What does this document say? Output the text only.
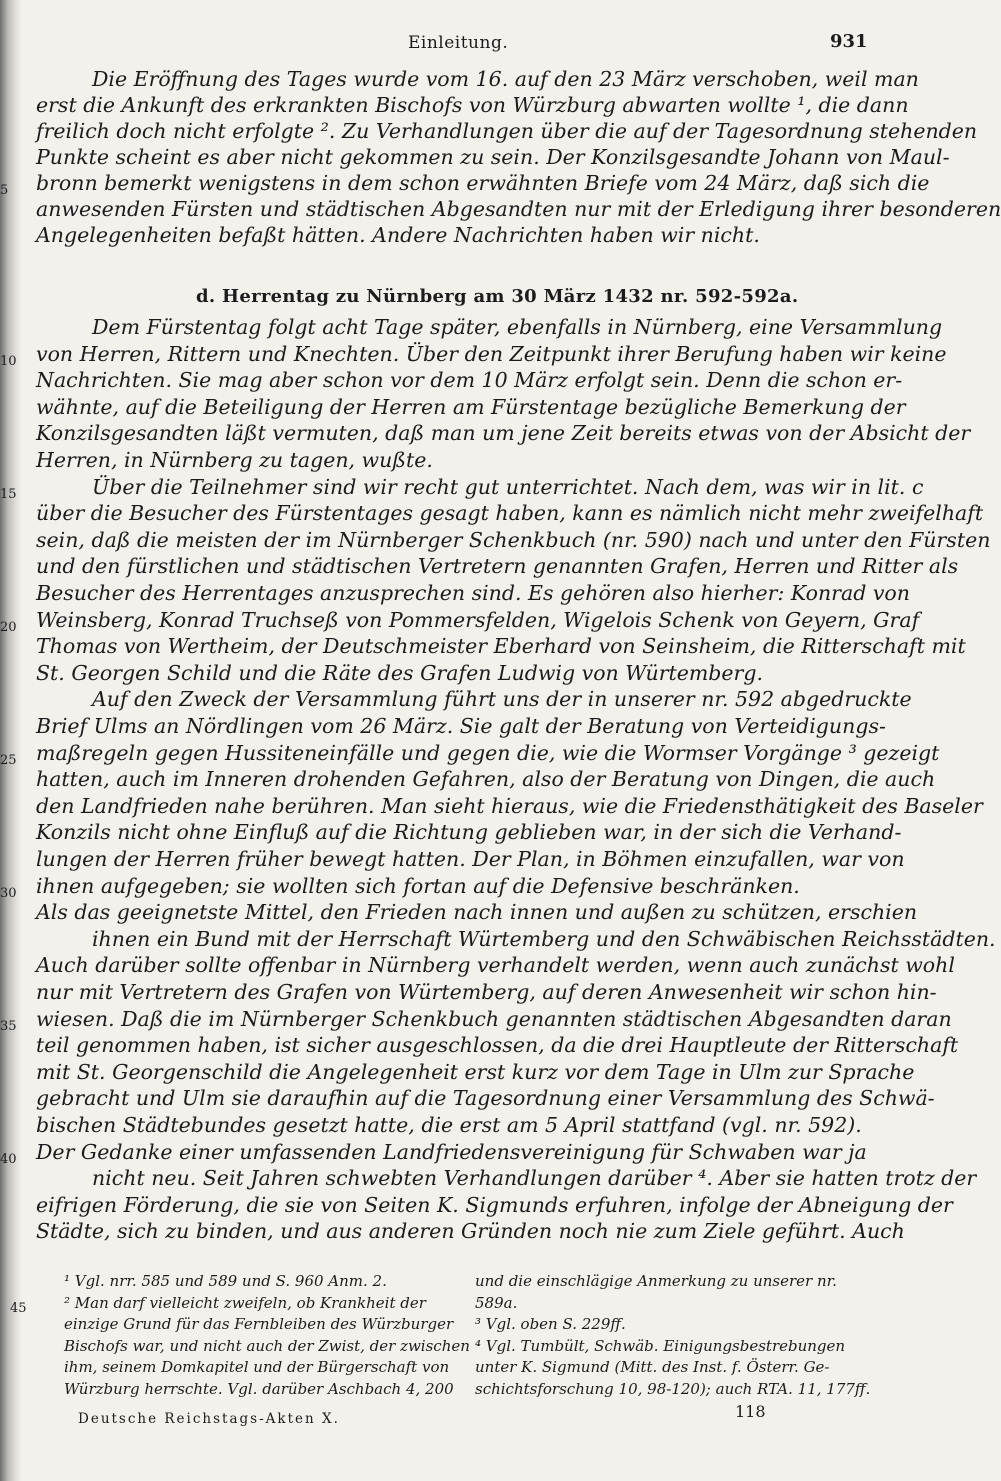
Einleitung.	931
Die Eröffnung des Tages wurde vom 16. auf den 23 März verschoben, weil man
erst die Ankunft des erkrankten Bischofs von Würzburg abwarten wollte ¹, die dann
freilich doch nicht erfolgte ². Zu Verhandlungen über die auf der Tagesordnung stehenden
Punkte scheint es aber nicht gekommen zu sein. Der Konzilsgesandte Johann von Maul-
bronn bemerkt wenigstens in dem schon erwähnten Briefe vom 24 März, daß sich die
anwesenden Fürsten und städtischen Abgesandten nur mit der Erledigung ihrer besonderen
Angelegenheiten befaßt hätten. Andere Nachrichten haben wir nicht.
d. Herrentag zu Nürnberg am 30 März 1432 nr. 592-592a.
Dem Fürstentag folgt acht Tage später, ebenfalls in Nürnberg, eine Versammlung
von Herren, Rittern und Knechten. Über den Zeitpunkt ihrer Berufung haben wir keine
Nachrichten. Sie mag aber schon vor dem 10 März erfolgt sein. Denn die schon er-
wähnte, auf die Beteiligung der Herren am Fürstentage bezügliche Bemerkung der
Konzilsgesandten läßt vermuten, daß man um jene Zeit bereits etwas von der Absicht der
Herren, in Nürnberg zu tagen, wußte.
Über die Teilnehmer sind wir recht gut unterrichtet. Nach dem, was wir in lit. c
über die Besucher des Fürstentages gesagt haben, kann es nämlich nicht mehr zweifelhaft
sein, daß die meisten der im Nürnberger Schenkbuch (nr. 590) nach und unter den Fürsten
und den fürstlichen und städtischen Vertretern genannten Grafen, Herren und Ritter als
Besucher des Herrentages anzusprechen sind. Es gehören also hierher: Konrad von
Weinsberg, Konrad Truchseß von Pommersfelden, Wigelois Schenk von Geyern, Graf
Thomas von Wertheim, der Deutschmeister Eberhard von Seinsheim, die Ritterschaft mit
St. Georgen Schild und die Räte des Grafen Ludwig von Würtemberg.
Auf den Zweck der Versammlung führt uns der in unserer nr. 592 abgedruckte
Brief Ulms an Nördlingen vom 26 März. Sie galt der Beratung von Verteidigungs-
maßregeln gegen Hussiteneinfälle und gegen die, wie die Wormser Vorgänge ³ gezeigt
hatten, auch im Inneren drohenden Gefahren, also der Beratung von Dingen, die auch
den Landfrieden nahe berühren. Man sieht hieraus, wie die Friedensthätigkeit des Baseler
Konzils nicht ohne Einfluß auf die Richtung geblieben war, in der sich die Verhand-
lungen der Herren früher bewegt hatten. Der Plan, in Böhmen einzufallen, war von
ihnen aufgegeben; sie wollten sich fortan auf die Defensive beschränken.
Als das geeignetste Mittel, den Frieden nach innen und außen zu schützen, erschien
ihnen ein Bund mit der Herrschaft Würtemberg und den Schwäbischen Reichsstädten.
Auch darüber sollte offenbar in Nürnberg verhandelt werden, wenn auch zunächst wohl
nur mit Vertretern des Grafen von Würtemberg, auf deren Anwesenheit wir schon hin-
wiesen. Daß die im Nürnberger Schenkbuch genannten städtischen Abgesandten daran
teil genommen haben, ist sicher ausgeschlossen, da die drei Hauptleute der Ritterschaft
mit St. Georgenschild die Angelegenheit erst kurz vor dem Tage in Ulm zur Sprache
gebracht und Ulm sie daraufhin auf die Tagesordnung einer Versammlung des Schwä-
bischen Städtebundes gesetzt hatte, die erst am 5 April stattfand (vgl. nr. 592).
Der Gedanke einer umfassenden Landfriedensvereinigung für Schwaben war ja
nicht neu. Seit Jahren schwebten Verhandlungen darüber ⁴. Aber sie hatten trotz der
eifrigen Förderung, die sie von Seiten K. Sigmunds erfuhren, infolge der Abneigung der
Städte, sich zu binden, und aus anderen Gründen noch nie zum Ziele geführt. Auch
45
¹ Vgl. nrr. 585 und 589 und S. 960 Anm. 2.
² Man darf vielleicht zweifeln, ob Krankheit der
einzige Grund für das Fernbleiben des Würzburger
Bischofs war, und nicht auch der Zwist, der zwischen
ihm, seinem Domkapitel und der Bürgerschaft von
Würzburg herrschte. Vgl. darüber Aschbach 4, 200
und die einschlägige Anmerkung zu unserer nr.
589a.
³ Vgl. oben S. 229ff.
⁴ Vgl. Tumbült, Schwäb. Einigungsbestrebungen
unter K. Sigmund (Mitt. des Inst. f. Österr. Ge-
schichtsforschung 10, 98-120); auch RTA. 11, 177ff.
Deutsche Reichstags-Akten X.	118
